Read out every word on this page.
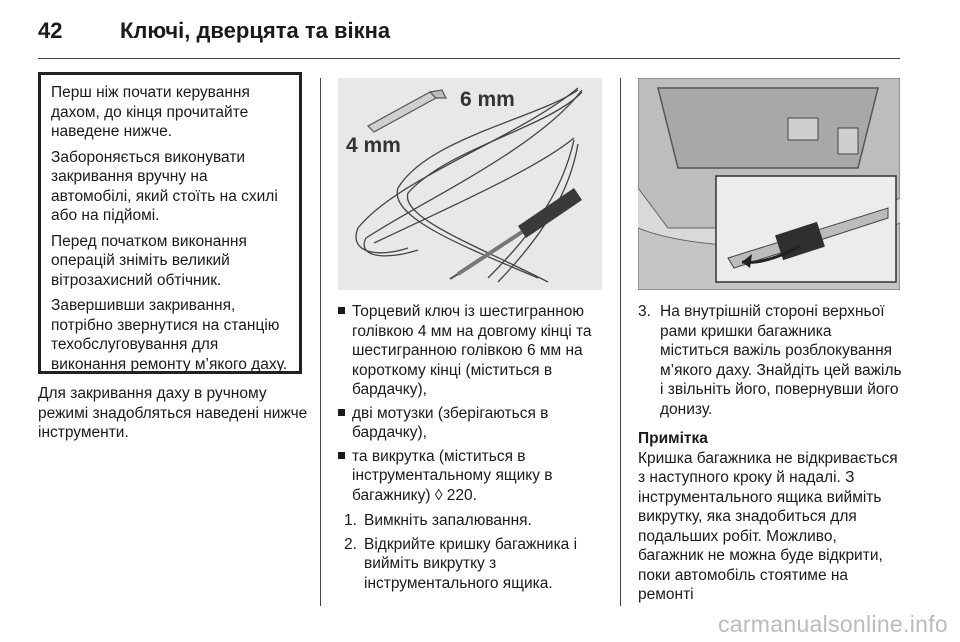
42	Ключі, дверцята та вікна

Перш ніж почати керування дахом, до кінця прочитайте наведене нижче.

Забороняється виконувати закривання вручну на автомобілі, який стоїть на схилі або на підйомі.

Перед початком виконання операцій зніміть великий вітрозахисний обтічник.

Завершивши закривання, потрібно звернутися на станцію техобслуговування для виконання ремонту м’якого даху.

Для закривання даху в ручному режимі знадобляться наведені нижче інструменти.

6 mm
4 mm
Торцевий ключ із шестигранною голівкою 4 мм на довгому кінці та шестигранною голівкою 6 мм на короткому кінці (міститься в бардачку),
дві мотузки (зберігаються в бардачку),
та викрутка (міститься в інструментальному ящику в багажнику) ◊ 220.
1. Вимкніть запалювання.
2. Відкрийте кришку багажника і вийміть викрутку з інструментального ящика.

3. На внутрішній стороні верхньої рами кришки багажника міститься важіль розблокування м’якого даху. Знайдіть цей важіль і звільніть його, повернувши його донизу.

Примітка

Кришка багажника не відкривається з наступного кроку й надалі. З інструментального ящика вийміть викрутку, яка знадобиться для подальших робіт. Можливо, багажник не можна буде відкрити, поки автомобіль стоятиме на ремонті

carmanualsonline.info
